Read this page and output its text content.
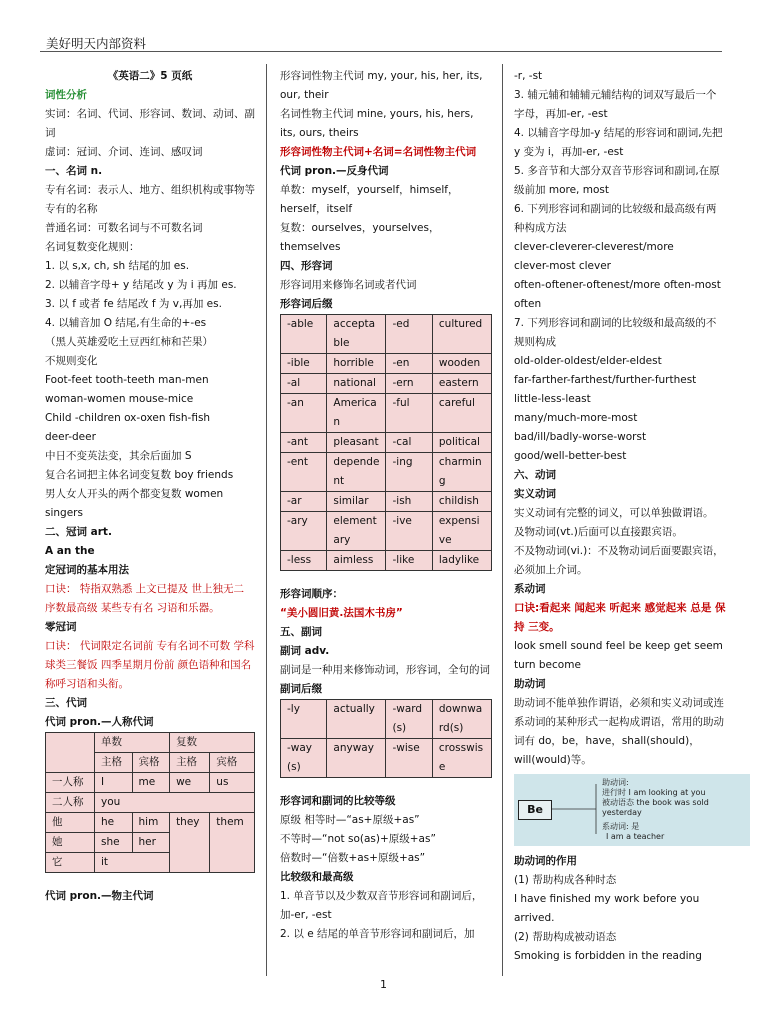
美好明天内部资料

《英语二》5 页纸

词性分析

实词：名词、代词、形容词、数词、动词、副词

虚词：冠词、介词、连词、感叹词

一、名词 n.

专有名词：表示人、地方、组织机构或事物等专有的名称

普通名词：可数名词与不可数名词

名词复数变化规则：

1. 以 s,x, ch, sh 结尾的加 es.

2. 以辅音字母+ y 结尾改 y 为 i 再加 es.

3. 以 f 或者 fe 结尾改 f 为 v,再加 es.

4. 以辅音加 O 结尾,有生命的+-es

（黑人英雄爱吃土豆西红柿和芒果）

不规则变化

Foot-feet tooth-teeth man-men

woman-women mouse-mice

Child -children ox-oxen fish-fish

deer-deer

中日不变英法变，其余后面加 S

复合名词把主体名词变复数 boy friends

男人女人开头的两个都变复数 women singers

二、冠词 art.

A an the

定冠词的基本用法

口诀： 特指双熟悉 上文已提及 世上独无二 序数最高级 某些专有名 习语和乐器。

零冠词

口诀： 代词限定名词前 专有名词不可数 学科球类三餐饭 四季星期月份前 颜色语种和国名 称呼习语和头衔。

三、代词

代词 pron.—人称代词

	单数		复数	
	主格	宾格	主格	宾格
一人称	I	me	we	us
二人称	you			
他	he	him	they	them
她	she	her		
它	it			

代词 pron.—物主代词

形容词性物主代词 my, your, his, her, its, our, their

名词性物主代词 mine, yours, his, hers, its, ours, theirs

形容词性物主代词+名词=名词性物主代词

代词 pron.—反身代词

单数：myself，yourself，himself，herself，itself

复数：ourselves，yourselves，themselves

四、形容词

形容词用来修饰名词或者代词

形容词后缀

-able	acceptable	-ed	cultured
-ible	horrible	-en	wooden
-al	national	-ern	eastern
-an	American	-ful	careful
-ant	pleasant	-cal	political
-ent	dependent	-ing	charming
-ar	similar	-ish	childish
-ary	elementary	-ive	expensive
-less	aimless	-like	ladylike

形容词顺序：

“美小圆旧黄.法国木书房”

五、副词

副词 adv.

副词是一种用来修饰动词，形容词，全句的词

副词后缀

-ly	actually	-ward(s)	downward(s)
-way(s)	anyway	-wise	crosswise

形容词和副词的比较等级

原级 相等时—“as+原级+as”

不等时—“not so(as)+原级+as”

倍数时—“倍数+as+原级+as”

比较级和最高级

1. 单音节以及少数双音节形容词和副词后，加-er, -est

2. 以 e 结尾的单音节形容词和副词后，加

-r, -st

3. 辅元辅和辅辅元辅结构的词双写最后一个字母，再加-er, -est

4. 以辅音字母加-y 结尾的形容词和副词,先把 y 变为 i，再加-er, -est

5. 多音节和大部分双音节形容词和副词,在原级前加 more, most

6. 下列形容词和副词的比较级和最高级有两种构成方法

clever-cleverer-cleverest/more

clever-most clever

often-oftener-oftenest/more often-most

often

7. 下列形容词和副词的比较级和最高级的不规则构成

old-older-oldest/elder-eldest

far-farther-farthest/further-furthest

little-less-least

many/much-more-most

bad/ill/badly-worse-worst

good/well-better-best

六、动词

实义动词

实义动词有完整的词义，可以单独做谓语。

及物动词(vt.)后面可以直接跟宾语。

不及物动词(vi.)：不及物动词后面要跟宾语，必须加上介词。

系动词

口诀:看起来 闻起来 听起来 感觉起来 总是 保持 三变。

look smell sound feel be keep get seem turn become

助动词

助动词不能单独作谓语，必须和实义动词或连系动词的某种形式一起构成谓语，常用的助动词有 do，be，have，shall(should)，will(would)等。

Be
助动词:
进行时 I am looking at you
被动语态 the book was sold yesterday
系动词: 是
I am a teacher

助动词的作用

(1) 帮助构成各种时态

I have finished my work before you arrived.

(2) 帮助构成被动语态

Smoking is forbidden in the reading

1
